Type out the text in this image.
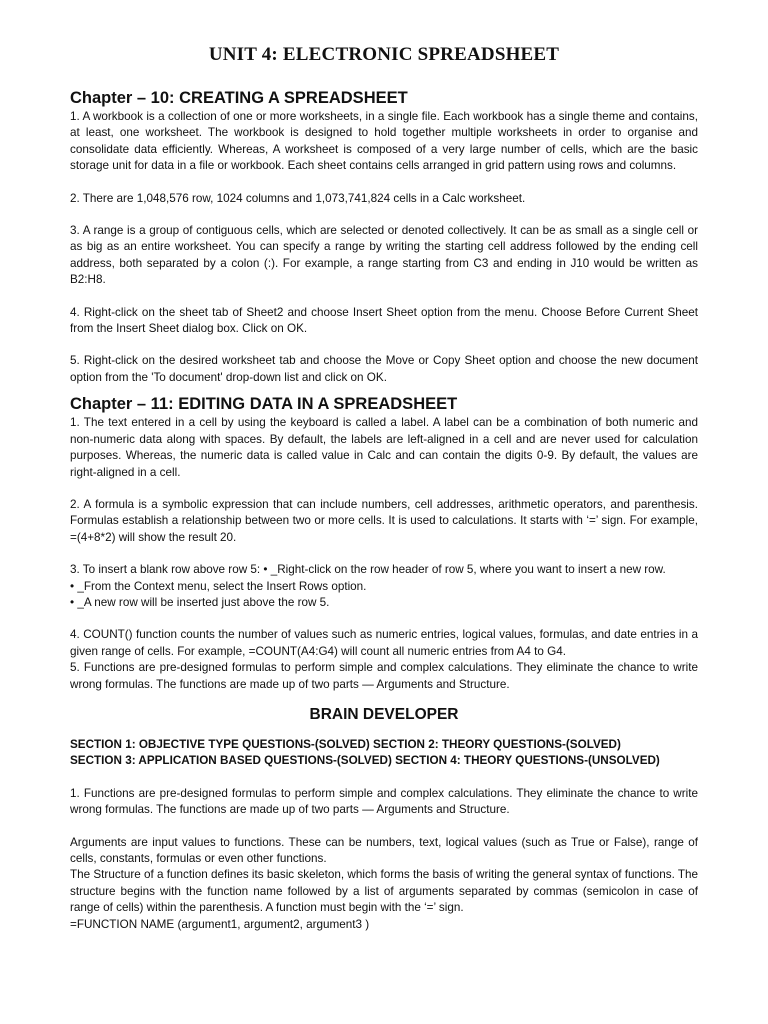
UNIT 4: ELECTRONIC SPREADSHEET
Chapter – 10: CREATING A SPREADSHEET

1. A workbook is a collection of one or more worksheets, in a single file. Each workbook has a single theme and contains, at least, one worksheet. The workbook is designed to hold together multiple worksheets in order to organise and consolidate data efficiently. Whereas, A worksheet is composed of a very large number of cells, which are the basic storage unit for data in a file or workbook. Each sheet contains cells arranged in grid pattern using rows and columns.

2. There are 1,048,576 row, 1024 columns and 1,073,741,824 cells in a Calc worksheet.

3. A range is a group of contiguous cells, which are selected or denoted collectively. It can be as small as a single cell or as big as an entire worksheet. You can specify a range by writing the starting cell address followed by the ending cell address, both separated by a colon (:). For example, a range starting from C3 and ending in J10 would be written as B2:H8.

4. Right-click on the sheet tab of Sheet2 and choose Insert Sheet option from the menu. Choose Before Current Sheet from the Insert Sheet dialog box. Click on OK.

5. Right-click on the desired worksheet tab and choose the Move or Copy Sheet option and choose the new document option from the 'To document' drop-down list and click on OK.

Chapter – 11: EDITING DATA IN A SPREADSHEET

1. The text entered in a cell by using the keyboard is called a label. A label can be a combination of both numeric and non-numeric data along with spaces. By default, the labels are left-aligned in a cell and are never used for calculation purposes. Whereas, the numeric data is called value in Calc and can contain the digits 0-9. By default, the values are right-aligned in a cell.

2. A formula is a symbolic expression that can include numbers, cell addresses, arithmetic operators, and parenthesis. Formulas establish a relationship between two or more cells. It is used to calculations. It starts with ‘=’ sign. For example, =(4+8*2) will show the result 20.

3. To insert a blank row above row 5: • _Right-click on the row header of row 5, where you want to insert a new row.

• _From the Context menu, select the Insert Rows option.

• _A new row will be inserted just above the row 5.

4. COUNT() function counts the number of values such as numeric entries, logical values, formulas, and date entries in a given range of cells. For example, =COUNT(A4:G4) will count all numeric entries from A4 to G4.

5. Functions are pre-designed formulas to perform simple and complex calculations. They eliminate the chance to write wrong formulas. The functions are made up of two parts — Arguments and Structure.

BRAIN DEVELOPER

SECTION 1: OBJECTIVE TYPE QUESTIONS-(SOLVED) SECTION 2: THEORY QUESTIONS-(SOLVED)

SECTION 3: APPLICATION BASED QUESTIONS-(SOLVED) SECTION 4: THEORY QUESTIONS-(UNSOLVED)

1. Functions are pre-designed formulas to perform simple and complex calculations. They eliminate the chance to write wrong formulas. The functions are made up of two parts — Arguments and Structure.

Arguments are input values to functions. These can be numbers, text, logical values (such as True or False), range of cells, constants, formulas or even other functions.

The Structure of a function defines its basic skeleton, which forms the basis of writing the general syntax of functions. The structure begins with the function name followed by a list of arguments separated by commas (semicolon in case of range of cells) within the parenthesis. A function must begin with the ‘=’ sign.

=FUNCTION NAME (argument1, argument2, argument3 )
